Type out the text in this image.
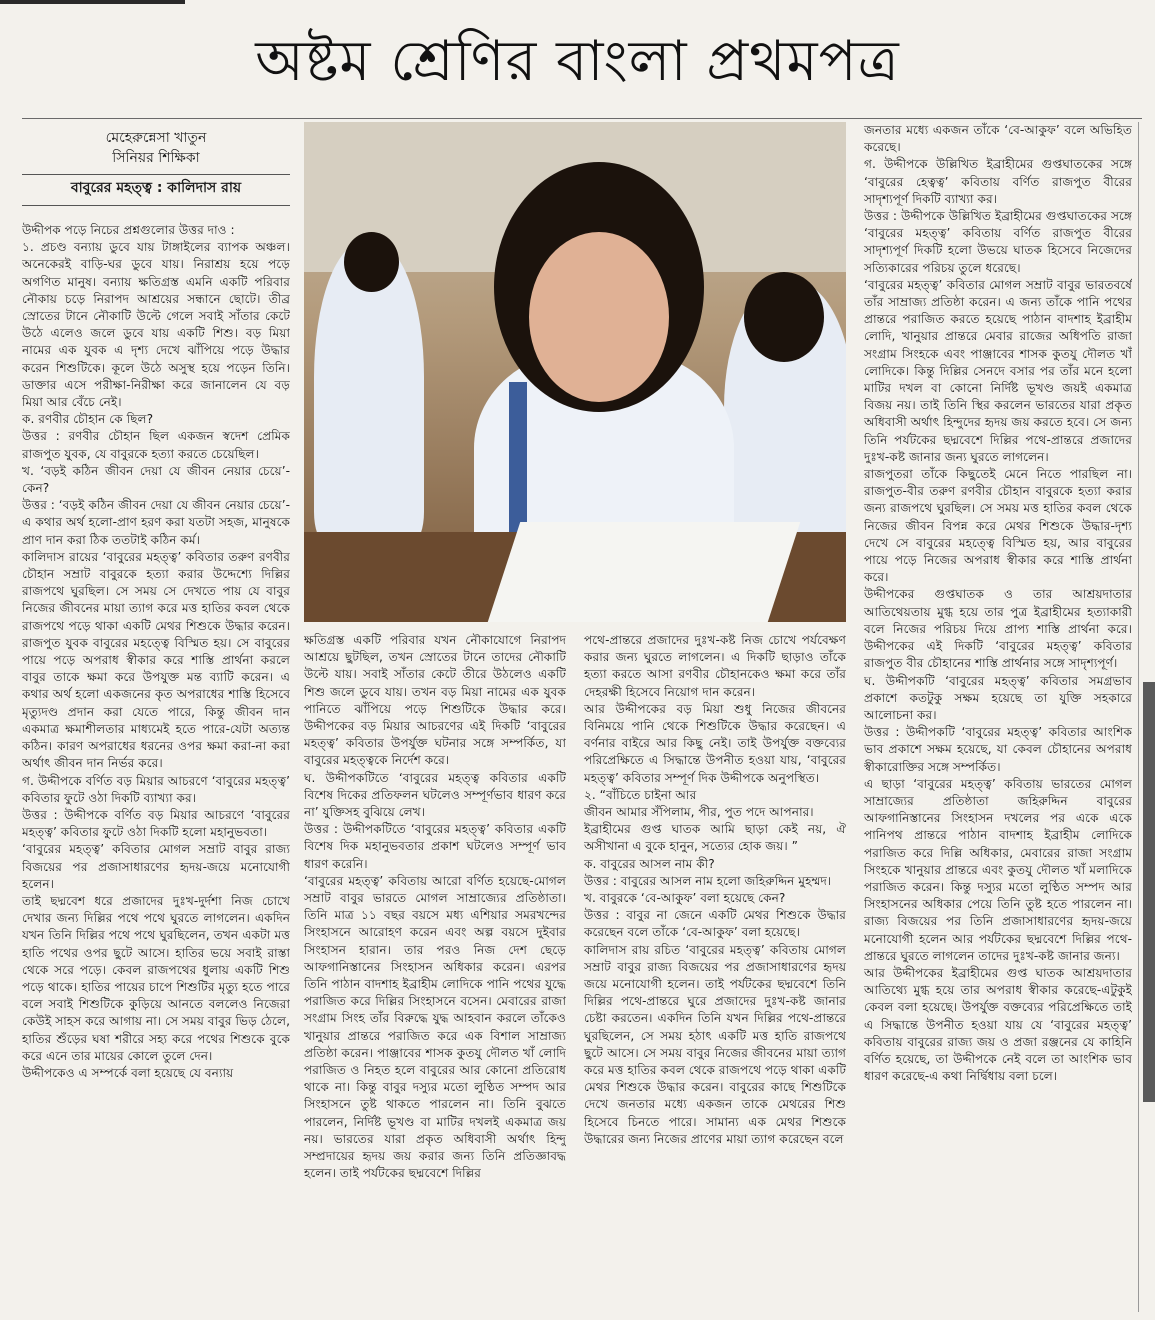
অষ্টম শ্রেণির বাংলা প্রথমপত্র
মেহেরুন্নেসা খাতুন
সিনিয়র শিক্ষিকা
বাবুরের মহত্ত্ব : কালিদাস রায়

উদ্দীপক পড়ে নিচের প্রশ্নগুলোর উত্তর দাও :

১. প্রচণ্ড বন্যায় ডুবে যায় টাঙ্গাইলের ব্যাপক অঞ্চল। অনেকেরই বাড়ি-ঘর ডুবে যায়। নিরাশ্রয় হয়ে পড়ে অগণিত মানুষ। বন্যায় ক্ষতিগ্রস্ত এমনি একটি পরিবার নৌকায় চড়ে নিরাপদ আশ্রয়ের সন্ধানে ছোটে। তীব্র স্রোতের টানে নৌকাটি উল্টে গেলে সবাই সাঁতার কেটে উঠে এলেও জলে ডুবে যায় একটি শিশু। বড় মিয়া নামের এক যুবক এ দৃশ্য দেখে ঝাঁপিয়ে পড়ে উদ্ধার করেন শিশুটিকে। কূলে উঠে অসুস্থ হয়ে পড়েন তিনি। ডাক্তার এসে পরীক্ষা-নিরীক্ষা করে জানালেন যে বড় মিয়া আর বেঁচে নেই।

ক. রণবীর চৌহান কে ছিল?

উত্তর : রণবীর চৌহান ছিল একজন স্বদেশ প্রেমিক রাজপুত যুবক, যে বাবুরকে হত্যা করতে চেয়েছিল।

খ. ‘বড়ই কঠিন জীবন দেয়া যে জীবন নেয়ার চেয়ে’-কেন?

উত্তর : ‘বড়ই কঠিন জীবন দেয়া যে জীবন নেয়ার চেয়ে’-এ কথার অর্থ হলো-প্রাণ হরণ করা যতটা সহজ, মানুষকে প্রাণ দান করা ঠিক ততটাই কঠিন কর্ম।

কালিদাস রায়ের ‘বাবুরের মহত্ত্ব’ কবিতার তরুণ রণবীর চৌহান সম্রাট বাবুরকে হত্যা করার উদ্দেশ্যে দিল্লির রাজপথে ঘুরছিল। সে সময় সে দেখতে পায় যে বাবুর নিজের জীবনের মায়া ত্যাগ করে মত্ত হাতির কবল থেকে রাজপথে পড়ে থাকা একটি মেথর শিশুকে উদ্ধার করেন। রাজপুত যুবক বাবুরের মহত্ত্বে বিস্মিত হয়। সে বাবুরের পায়ে পড়ে অপরাধ স্বীকার করে শাস্তি প্রার্থনা করলে বাবুর তাকে ক্ষমা করে উপযুক্ত মন্ত ব্যাটি করেন। এ কথার অর্থ হলো একজনের কৃত অপরাধের শাস্তি হিসেবে মৃত্যুদণ্ড প্রদান করা যেতে পারে, কিন্তু জীবন দান একমাত্র ক্ষমাশীলতার মাধ্যমেই হতে পারে-যেটা অত্যন্ত কঠিন। কারণ অপরাধের ধরনের ওপর ক্ষমা করা-না করা অর্থাৎ জীবন দান নির্ভর করে।

গ. উদ্দীপকে বর্ণিত বড় মিয়ার আচরণে ‘বাবুরের মহত্ত্ব’ কবিতার ফুটে ওঠা দিকটি ব্যাখ্যা কর।

উত্তর : উদ্দীপকে বর্ণিত বড় মিয়ার আচরণে ‘বাবুরের মহত্ত্ব’ কবিতার ফুটে ওঠা দিকটি হলো মহানুভবতা।

‘বাবুরের মহত্ত্ব’ কবিতার মোগল সম্রাট বাবুর রাজ্য বিজয়ের পর প্রজাসাধারণের হৃদয়-জয়ে মনোযোগী হলেন।

তাই ছদ্মবেশ ধরে প্রজাদের দুঃখ-দুর্দশা নিজ চোখে দেখার জন্য দিল্লির পথে পথে ঘুরতে লাগলেন। একদিন যখন তিনি দিল্লির পথে পথে ঘুরছিলেন, তখন একটা মত্ত হাতি পথের ওপর ছুটে আসে। হাতির ভয়ে সবাই রাস্তা থেকে সরে পড়ে। কেবল রাজপথের ধুলায় একটি শিশু পড়ে থাকে। হাতির পায়ের চাপে শিশুটির মৃত্যু হতে পারে বলে সবাই শিশুটিকে কুড়িয়ে আনতে বললেও নিজেরা কেউই সাহস করে আগায় না। সে সময় বাবুর ভিড় ঠেলে, হাতির শুঁড়ের ঘষা শরীরে সহ্য করে পথের শিশুকে বুকে করে এনে তার মায়ের কোলে তুলে দেন।

উদ্দীপকেও এ সম্পর্কে বলা হয়েছে যে বন্যায়

ক্ষতিগ্রস্ত একটি পরিবার যখন নৌকাযোগে নিরাপদ আশ্রয়ে ছুটছিল, তখন স্রোতের টানে তাদের নৌকাটি উল্টে যায়। সবাই সাঁতার কেটে তীরে উঠলেও একটি শিশু জলে ডুবে যায়। তখন বড় মিয়া নামের এক যুবক পানিতে ঝাঁপিয়ে পড়ে শিশুটিকে উদ্ধার করে। উদ্দীপকের বড় মিয়ার আচরণের এই দিকটি ‘বাবুরের মহত্ত্ব’ কবিতার উপর্যুক্ত ঘটনার সঙ্গে সম্পর্কিত, যা বাবুরের মহত্ত্বকে নির্দেশ করে।

ঘ. উদ্দীপকটিতে ‘বাবুরের মহত্ত্ব কবিতার একটি বিশেষ দিকের প্রতিফলন ঘটলেও সম্পূর্ণভাব ধারণ করে না’ যুক্তিসহ বুঝিয়ে লেখ।

উত্তর : উদ্দীপকটিতে ‘বাবুরের মহত্ত্ব’ কবিতার একটি বিশেষ দিক মহানুভবতার প্রকাশ ঘটলেও সম্পূর্ণ ভাব ধারণ করেনি।

‘বাবুরের মহত্ত্ব’ কবিতায় আরো বর্ণিত হয়েছে-মোগল সম্রাট বাবুর ভারতে মোগল সাম্রাজ্যের প্রতিষ্ঠাতা। তিনি মাত্র ১১ বছর বয়সে মধ্য এশিয়ার সমরখন্দের সিংহাসনে আরোহণ করেন এবং অল্প বয়সে দুইবার সিংহাসন হারান। তার পরও নিজ দেশ ছেড়ে আফগানিস্তানের সিংহাসন অধিকার করেন। এরপর তিনি পাঠান বাদশাহ ইব্রাহীম লোদিকে পানি পথের যুদ্ধে পরাজিত করে দিল্লির সিংহাসনে বসেন। মেবারের রাজা সংগ্রাম সিংহ তাঁর বিরুদ্ধে যুদ্ধ আহবান করলে তাঁকেও খানুয়ার প্রান্তরে পরাজিত করে এক বিশাল সাম্রাজ্য প্রতিষ্ঠা করেন। পাঞ্জাবের শাসক কুতযু দৌলত খাঁ লোদি পরাজিত ও নিহত হলে বাবুরের আর কোনো প্রতিরোধ থাকে না। কিন্তু বাবুর দস্যুর মতো লুণ্ঠিত সম্পদ আর সিংহাসনে তুষ্ট থাকতে পারলেন না। তিনি বুঝতে পারলেন, নির্দিষ্ট ভূখণ্ড বা মাটির দখলই একমাত্র জয় নয়। ভারতের যারা প্রকৃত অধিবাসী অর্থাৎ হিন্দু সম্প্রদায়ের হৃদয় জয় করার জন্য তিনি প্রতিজ্ঞাবদ্ধ হলেন। তাই পর্যটকের ছদ্মবেশে দিল্লির

পথে-প্রান্তরে প্রজাদের দুঃখ-কষ্ট নিজ চোখে পর্যবেক্ষণ করার জন্য ঘুরতে লাগলেন। এ দিকটি ছাড়াও তাঁকে হত্যা করতে আসা রণবীর চৌহানকেও ক্ষমা করে তাঁর দেহরক্ষী হিসেবে নিয়োগ দান করেন।

আর উদ্দীপকের বড় মিয়া শুধু নিজের জীবনের বিনিময়ে পানি থেকে শিশুটিকে উদ্ধার করেছেন। এ বর্ণনার বাইরে আর কিছু নেই। তাই উপর্যুক্ত বক্তব্যের পরিপ্রেক্ষিতে এ সিদ্ধান্তে উপনীত হওয়া যায়, ‘বাবুরের মহত্ত্ব’ কবিতার সম্পূর্ণ দিক উদ্দীপকে অনুপস্থিত।

২. “বাঁচিতে চাইনা আর

জীবন আমার সঁপিলাম, পীর, পুত পদে আপনার।

ইব্রাহীমের গুপ্ত ঘাতক আমি ছাড়া কেই নয়, ঐ অসীখানা এ বুকে হানুন, সত্যের হোক জয়। ”

ক. বাবুরের আসল নাম কী?

উত্তর : বাবুরের আসল নাম হলো জহিরুদ্দিন মুহম্মদ।

খ. বাবুরকে ‘বে-আকুফ’ বলা হয়েছে কেন?

উত্তর : বাবুর না জেনে একটি মেথর শিশুকে উদ্ধার করেছেন বলে তাঁকে ‘বে-আকুফ’ বলা হয়েছে।

কালিদাস রায় রচিত ‘বাবুরের মহত্ত্ব’ কবিতায় মোগল সম্রাট বাবুর রাজ্য বিজয়ের পর প্রজাসাধারণের হৃদয় জয়ে মনোযোগী হলেন। তাই পর্যটকের ছদ্মবেশে তিনি দিল্লির পথে-প্রান্তরে ঘুরে প্রজাদের দুঃখ-কষ্ট জানার চেষ্টা করতেন। একদিন তিনি যখন দিল্লির পথে-প্রান্তরে ঘুরছিলেন, সে সময় হঠাৎ একটি মত্ত হাতি রাজপথে ছুটে আসে। সে সময় বাবুর নিজের জীবনের মায়া ত্যাগ করে মত্ত হাতির কবল থেকে রাজপথে পড়ে থাকা একটি মেথর শিশুকে উদ্ধার করেন। বাবুরের কাছে শিশুটিকে দেখে জনতার মধ্যে একজন তাকে মেথরের শিশু হিসেবে চিনতে পারে। সামান্য এক মেথর শিশুকে উদ্ধারের জন্য নিজের প্রাণের মায়া ত্যাগ করেছেন বলে

জনতার মধ্যে একজন তাঁকে ‘বে-আকুফ’ বলে অভিহিত করেছে।

গ. উদ্দীপকে উল্লিখিত ইব্রাহীমের গুপ্তঘাতকের সঙ্গে ‘বাবুরের হেত্বত্ব’ কবিতায় বর্ণিত রাজপুত বীরের সাদৃশ্যপূর্ণ দিকটি ব্যাখ্যা কর।

উত্তর : উদ্দীপকে উল্লিখিত ইব্রাহীমের গুপ্তঘাতকের সঙ্গে ‘বাবুরের মহত্ত্ব’ কবিতায় বর্ণিত রাজপুত বীরের সাদৃশ্যপূর্ণ দিকটি হলো উভয়ে ঘাতক হিসেবে নিজেদের সত্যিকারের পরিচয় তুলে ধরেছে।

‘বাবুরের মহত্ত্ব’ কবিতার মোগল সম্রাট বাবুর ভারতবর্ষে তাঁর সাম্রাজ্য প্রতিষ্ঠা করেন। এ জন্য তাঁকে পানি পথের প্রান্তরে পরাজিত করতে হয়েছে পাঠান বাদশাহ ইব্রাহীম লোদি, খানুয়ার প্রান্তরে মেবার রাজের অধিপতি রাজা সংগ্রাম সিংহকে এবং পাঞ্জাবের শাসক কুতযু দৌলত খাঁ লোদিকে। কিন্তু দিল্লির সেনদে বসার পর তাঁর মনে হলো মাটির দখল বা কোনো নির্দিষ্ট ভূখণ্ড জয়ই একমাত্র বিজয় নয়। তাই তিনি স্থির করলেন ভারতের যারা প্রকৃত অধিবাসী অর্থাৎ হিন্দুদের হৃদয় জয় করতে হবে। সে জন্য তিনি পর্যটকের ছদ্মবেশে দিল্লির পথে-প্রান্তরে প্রজাদের দুঃখ-কষ্ট জানার জন্য ঘুরতে লাগলেন।

রাজপুতরা তাঁকে কিছুতেই মেনে নিতে পারছিল না। রাজপুত-বীর তরুণ রণবীর চৌহান বাবুরকে হত্যা করার জন্য রাজপথে ঘুরছিল। সে সময় মত্ত হাতির কবল থেকে নিজের জীবন বিপন্ন করে মেথর শিশুকে উদ্ধার-দৃশ্য দেখে সে বাবুরের মহত্ত্বে বিস্মিত হয়, আর বাবুরের পায়ে পড়ে নিজের অপরাধ স্বীকার করে শাস্তি প্রার্থনা করে।

উদ্দীপকের গুপ্তঘাতক ও তার আশ্রয়দাতার আতিথেয়তায় মুগ্ধ হয়ে তার পুত্র ইব্রাহীমের হত্যাকারী বলে নিজের পরিচয় দিয়ে প্রাপ্য শাস্তি প্রার্থনা করে। উদ্দীপকের এই দিকটি ‘বাবুরের মহত্ত্ব’ কবিতার রাজপুত বীর চৌহানের শাস্তি প্রার্থনার সঙ্গে সাদৃশ্যপূর্ণ।

ঘ. উদ্দীপকটি ‘বাবুরের মহত্ত্ব’ কবিতার সমগ্রভাব প্রকাশে কতটুকু সক্ষম হয়েছে তা যুক্তি সহকারে আলোচনা কর।

উত্তর : উদ্দীপকটি ‘বাবুরের মহত্ত্ব’ কবিতার আংশিক ভাব প্রকাশে সক্ষম হয়েছে, যা কেবল চৌহানের অপরাধ স্বীকারোক্তির সঙ্গে সম্পর্কিত।

এ ছাড়া ‘বাবুরের মহত্ত্ব’ কবিতায় ভারতের মোগল সাম্রাজ্যের প্রতিষ্ঠাতা জহিরুদ্দিন বাবুরের আফগানিস্তানের সিংহাসন দখলের পর একে একে পানিপথ প্রান্তরে পাঠান বাদশাহ ইব্রাহীম লোদিকে পরাজিত করে দিল্লি অধিকার, মেবারের রাজা সংগ্রাম সিংহকে খানুয়ার প্রান্তরে এবং কুতযু দৌলত খাঁ মলাদিকে পরাজিত করেন। কিন্তু দস্যুর মতো লুণ্ঠিত সম্পদ আর সিংহাসনের অধিকার পেয়ে তিনি তুষ্ট হতে পারলেন না। রাজ্য বিজয়ের পর তিনি প্রজাসাধারণের হৃদয়-জয়ে মনোযোগী হলেন আর পর্যটকের ছদ্মবেশে দিল্লির পথে-প্রান্তরে ঘুরতে লাগলেন তাদের দুঃখ-কষ্ট জানার জন্য।

আর উদ্দীপকের ইব্রাহীমের গুপ্ত ঘাতক আশ্রয়দাতার আতিথ্যে মুগ্ধ হয়ে তার অপরাধ স্বীকার করেছে-এটুকুই কেবল বলা হয়েছে। উপর্যুক্ত বক্তব্যের পরিপ্রেক্ষিতে তাই এ সিদ্ধান্তে উপনীত হওয়া যায় যে ‘বাবুরের মহত্ত্ব’ কবিতায় বাবুরের রাজ্য জয় ও প্রজা রঞ্জনের যে কাহিনি বর্ণিত হয়েছে, তা উদ্দীপকে নেই বলে তা আংশিক ভাব ধারণ করেছে-এ কথা নির্দ্বিধায় বলা চলে।
